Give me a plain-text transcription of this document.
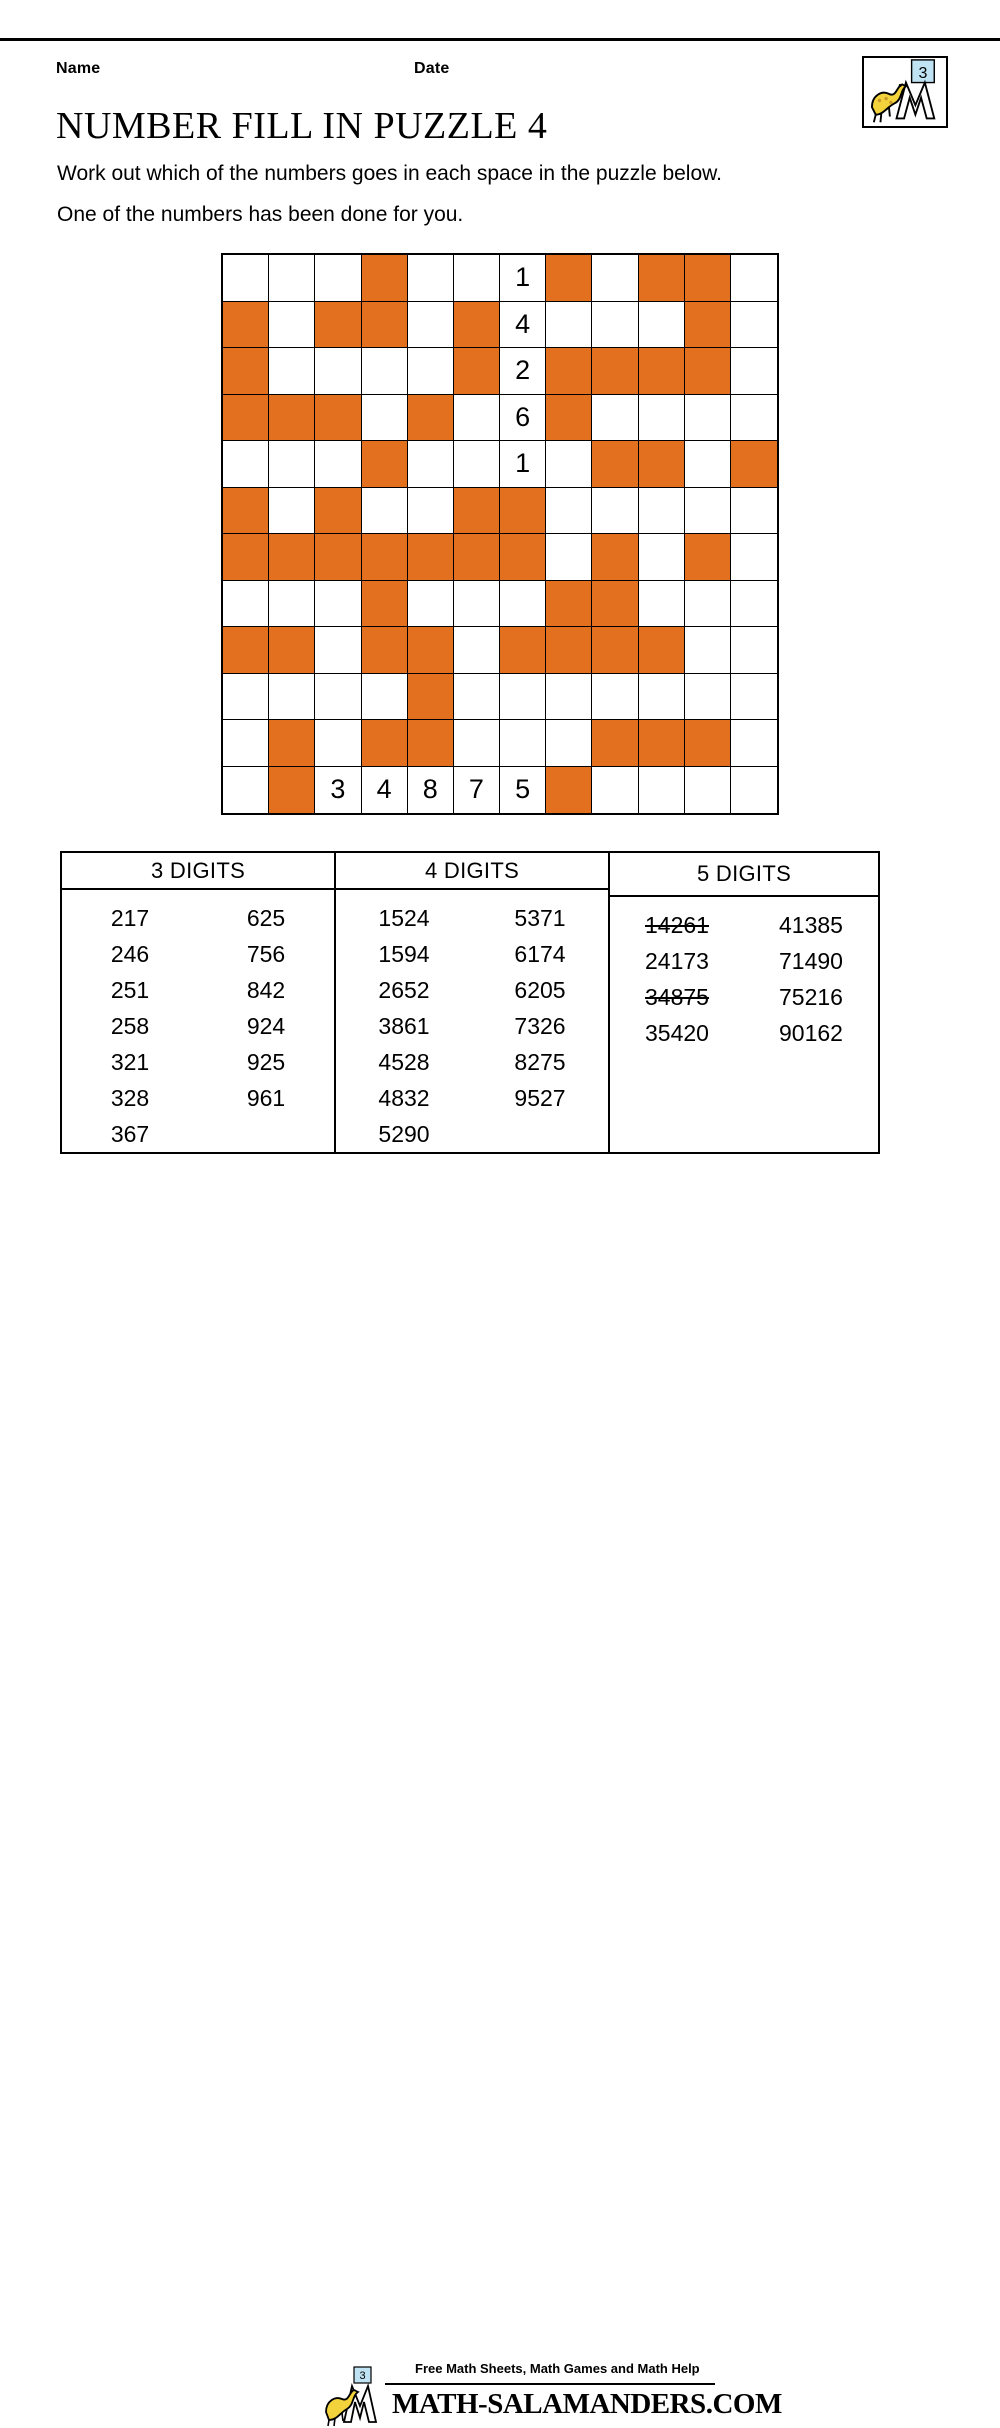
Name	Date	3
NUMBER FILL IN PUZZLE 4
Work out which of the numbers goes in each space in the puzzle below.
One of the numbers has been done for you.
1
4
2
6
1
3	4	8	7	5
3 DIGITS
217
246
251
258
321
328
367
625
756
842
924
925
961
4 DIGITS
1524
1594
2652
3861
4528
4832
5290
5371
6174
6205
7326
8275
9527
5 DIGITS
14261
24173
34875
35420
41385
71490
75216
90162
3	Free Math Sheets, Math Games and Math Help
MATH-SALAMANDERS.COM
